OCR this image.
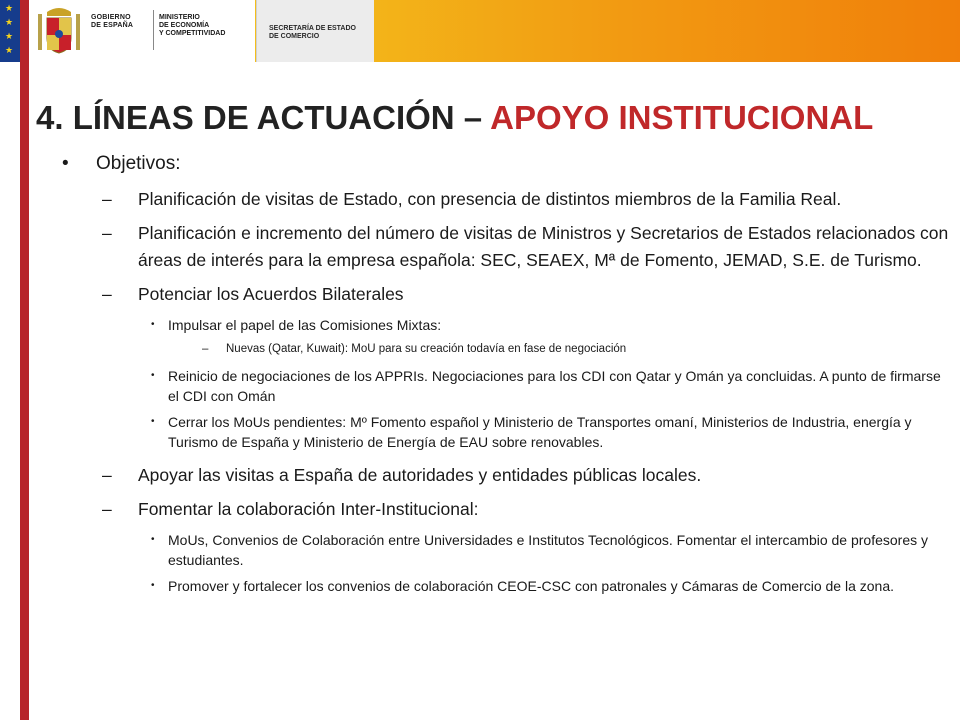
★
★
★
★
GOBIERNO
DE ESPAÑA
MINISTERIO
DE ECONOMÍA
Y COMPETITIVIDAD
SECRETARÍA DE ESTADO
DE COMERCIO
4. LÍNEAS DE ACTUACIÓN – APOYO INSTITUCIONAL
• Objetivos:
– Planificación de visitas de Estado, con presencia de distintos miembros de la Familia Real.
– Planificación e incremento del número de visitas de Ministros y Secretarios de Estados relacionados con áreas de interés para la empresa española: SEC, SEAEX, Mª de Fomento, JEMAD, S.E. de Turismo.
– Potenciar los Acuerdos Bilaterales
• Impulsar el papel de las Comisiones Mixtas:
– Nuevas (Qatar, Kuwait): MoU para su creación todavía en fase de negociación
• Reinicio de negociaciones de los APPRIs. Negociaciones para los CDI con Qatar y Omán ya concluidas. A punto de firmarse el CDI con Omán
• Cerrar los MoUs pendientes: Mº Fomento español y Ministerio de Transportes omaní, Ministerios de Industria, energía y Turismo de España y Ministerio de Energía de EAU sobre renovables.
– Apoyar las visitas a España de autoridades y entidades públicas locales.
– Fomentar la colaboración Inter-Institucional:
• MoUs, Convenios de Colaboración entre Universidades e Institutos Tecnológicos. Fomentar el intercambio de profesores y estudiantes.
• Promover y fortalecer los convenios de colaboración CEOE-CSC con patronales y Cámaras de Comercio de la zona.
